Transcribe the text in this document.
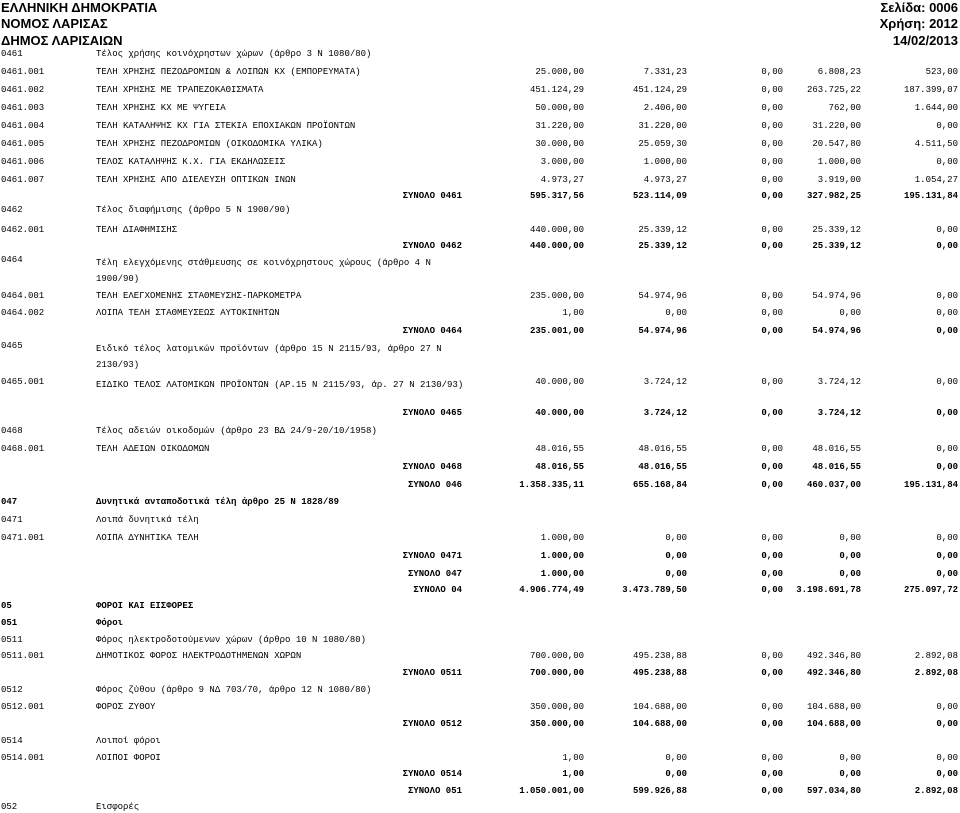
ΕΛΛΗΝΙΚΗ ΔΗΜΟΚΡΑΤΙΑ	Σελίδα: 0006
ΝΟΜΟΣ ΛΑΡΙΣΑΣ	Χρήση: 2012
ΔΗΜΟΣ ΛΑΡΙΣΑΙΩΝ	14/02/2013
0461	Τέλος χρήσης κοινόχρηστων χώρων (άρθρο 3 Ν 1080/80)
0461.001	ΤΕΛΗ ΧΡΗΣΗΣ ΠΕΖΟΔΡΟΜΙΩΝ & ΛΟΙΠΩΝ ΚΧ (ΕΜΠΟΡΕΥΜΑΤΑ)	25.000,00	7.331,23	0,00	6.808,23	523,00
0461.002	ΤΕΛΗ ΧΡΗΣΗΣ ΜΕ ΤΡΑΠΕΖΟΚΑΘΙΣΜΑΤΑ	451.124,29	451.124,29	0,00	263.725,22	187.399,07
0461.003	ΤΕΛΗ ΧΡΗΣΗΣ ΚΧ ΜΕ ΨΥΓΕΙΑ	50.000,00	2.406,00	0,00	762,00	1.644,00
0461.004	ΤΕΛΗ ΚΑΤΑΛΗΨΗΣ ΚΧ ΓΙΑ ΣΤΕΚΙΑ ΕΠΟΧΙΑΚΩΝ ΠΡΟΪΟΝΤΩΝ	31.220,00	31.220,00	0,00	31.220,00	0,00
0461.005	ΤΕΛΗ ΧΡΗΣΗΣ ΠΕΖΟΔΡΟΜΙΩΝ (ΟΙΚΟΔΟΜΙΚΑ ΥΛΙΚΑ)	30.000,00	25.059,30	0,00	20.547,80	4.511,50
0461.006	ΤΕΛΟΣ ΚΑΤΑΛΗΨΗΣ Κ.Χ. ΓΙΑ ΕΚΔΗΛΩΣΕΙΣ	3.000,00	1.000,00	0,00	1.000,00	0,00
0461.007	ΤΕΛΗ ΧΡΗΣΗΣ ΑΠΟ ΔΙΕΛΕΥΣΗ ΟΠΤΙΚΩΝ ΙΝΩΝ	4.973,27	4.973,27	0,00	3.919,00	1.054,27
ΣΥΝΟΛΟ 0461	595.317,56	523.114,09	0,00	327.982,25	195.131,84
0462	Τέλος διαφήμισης (άρθρο 5 Ν 1900/90)
0462.001	ΤΕΛΗ ΔΙΑΦΗΜΙΣΗΣ	440.000,00	25.339,12	0,00	25.339,12	0,00
ΣΥΝΟΛΟ 0462	440.000,00	25.339,12	0,00	25.339,12	0,00
0464	Τέλη ελεγχόμενης στάθμευσης σε κοινόχρηστους χώρους (άρθρο 4 Ν 1900/90)
0464.001	ΤΕΛΗ ΕΛΕΓΧΟΜΕΝΗΣ ΣΤΑΘΜΕΥΣΗΣ-ΠΑΡΚΟΜΕΤΡΑ	235.000,00	54.974,96	0,00	54.974,96	0,00
0464.002	ΛΟΙΠΑ ΤΕΛΗ ΣΤΑΘΜΕΥΣΕΩΣ ΑΥΤΟΚΙΝΗΤΩΝ	1,00	0,00	0,00	0,00	0,00
ΣΥΝΟΛΟ 0464	235.001,00	54.974,96	0,00	54.974,96	0,00
0465	Ειδικό τέλος λατομικών προϊόντων (άρθρο 15 Ν 2115/93, άρθρο 27 Ν 2130/93)
0465.001	ΕΙΔΙΚΟ ΤΕΛΟΣ ΛΑΤΟΜΙΚΩΝ ΠΡΟΪΟΝΤΩΝ (ΑΡ.15 Ν 2115/93, άρ. 27 Ν 2130/93)	40.000,00	3.724,12	0,00	3.724,12	0,00
ΣΥΝΟΛΟ 0465	40.000,00	3.724,12	0,00	3.724,12	0,00
0468	Τέλος αδειών οικοδομών (άρθρο 23 ΒΔ 24/9-20/10/1958)
0468.001	ΤΕΛΗ ΑΔΕΙΩΝ ΟΙΚΟΔΟΜΩΝ	48.016,55	48.016,55	0,00	48.016,55	0,00
ΣΥΝΟΛΟ 0468	48.016,55	48.016,55	0,00	48.016,55	0,00
ΣΥΝΟΛΟ 046	1.358.335,11	655.168,84	0,00	460.037,00	195.131,84
047	Δυνητικά ανταποδοτικά τέλη άρθρο 25 Ν 1828/89
0471	Λοιπά δυνητικά τέλη
0471.001	ΛΟΙΠΑ ΔΥΝΗΤΙΚΑ ΤΕΛΗ	1.000,00	0,00	0,00	0,00	0,00
ΣΥΝΟΛΟ 0471	1.000,00	0,00	0,00	0,00	0,00
ΣΥΝΟΛΟ 047	1.000,00	0,00	0,00	0,00	0,00
ΣΥΝΟΛΟ 04	4.906.774,49	3.473.789,50	0,00 3.198.691,78	275.097,72
05	ΦΟΡΟΙ ΚΑΙ ΕΙΣΦΟΡΕΣ
051	Φόροι
0511	Φόρος ηλεκτροδοτούμενων χώρων (άρθρο 10 Ν 1080/80)
0511.001	ΔΗΜΟΤΙΚΟΣ ΦΟΡΟΣ ΗΛΕΚΤΡΟΔΟΤΗΜΕΝΩΝ ΧΩΡΩΝ	700.000,00	495.238,88	0,00	492.346,80	2.892,08
ΣΥΝΟΛΟ 0511	700.000,00	495.238,88	0,00	492.346,80	2.892,08
0512	Φόρος ζύθου (άρθρο 9 ΝΔ 703/70, άρθρο 12 Ν 1080/80)
0512.001	ΦΟΡΟΣ ΖΥΘΟΥ	350.000,00	104.688,00	0,00	104.688,00	0,00
ΣΥΝΟΛΟ 0512	350.000,00	104.688,00	0,00	104.688,00	0,00
0514	Λοιποί φόροι
0514.001	ΛΟΙΠΟΙ ΦΟΡΟΙ	1,00	0,00	0,00	0,00	0,00
ΣΥΝΟΛΟ 0514	1,00	0,00	0,00	0,00	0,00
ΣΥΝΟΛΟ 051	1.050.001,00	599.926,88	0,00	597.034,80	2.892,08
052	Εισφορές
